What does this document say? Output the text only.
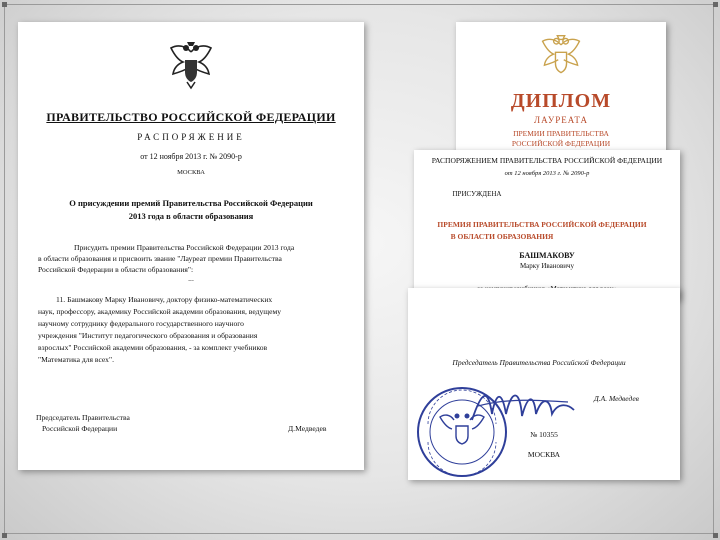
ПРАВИТЕЛЬСТВО РОССИЙСКОЙ ФЕДЕРАЦИИ
РАСПОРЯЖЕНИЕ
от 12 ноября 2013 г. № 2090-р
МОСКВА
О присуждении премий Правительства Российской Федерации
2013 года в области образования
Присудить премии Правительства Российской Федерации 2013 года
в области образования и присвоить звание "Лауреат премии Правительства
Российской Федерации в области образования":
...
11. Башмакову Марку Ивановичу, доктору физико-математических
наук, профессору, академику Российской академии образования, ведущему
научному сотруднику федерального государственного научного
учреждения "Институт педагогического образования и образования
взрослых" Российской академии образования, - за комплект учебников
"Математика для всех".
Председатель Правительства
Российской Федерации	Д.Медведев
ДИПЛОМ
ЛАУРЕАТА
ПРЕМИИ ПРАВИТЕЛЬСТВА
РОССИЙСКОЙ ФЕДЕРАЦИИ
РАСПОРЯЖЕНИЕМ ПРАВИТЕЛЬСТВА РОССИЙСКОЙ ФЕДЕРАЦИИ
от 12 ноября 2013 г. № 2090-р
ПРИСУЖДЕНА
ПРЕМИЯ ПРАВИТЕЛЬСТВА РОССИЙСКОЙ ФЕДЕРАЦИИ
В ОБЛАСТИ ОБРАЗОВАНИЯ
БАШМАКОВУ
Марку Ивановичу
Председатель Правительства Российской Федерации
Д.А. Медведев
№ 10355
МОСКВА
